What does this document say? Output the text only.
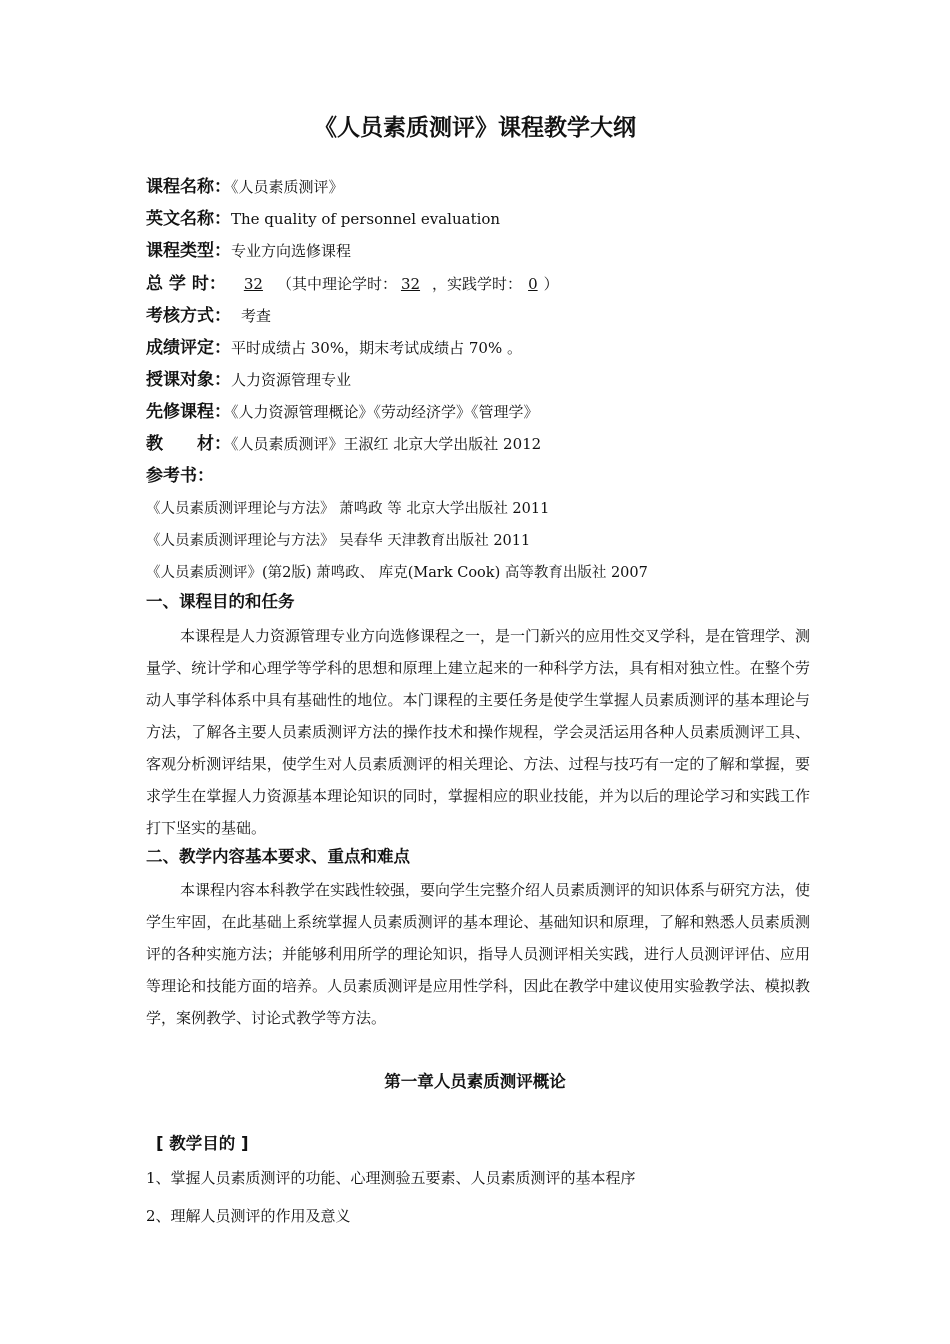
《人员素质测评》课程教学大纲
课程名称：《人员素质测评》
英文名称：The quality of personnel evaluation
课程类型：专业方向选修课程
总 学 时： 32 （其中理论学时： 32 ，实践学时： 0 ）
考核方式： 考查
成绩评定：平时成绩占 30%，期末考试成绩占 70% 。
授课对象：人力资源管理专业
先修课程：《人力资源管理概论》《劳动经济学》《管理学》
教　　材：《人员素质测评》王淑红 北京大学出版社 2012
参考书：
《人员素质测评理论与方法》 萧鸣政 等 北京大学出版社 2011
《人员素质测评理论与方法》 吴春华 天津教育出版社 2011
《人员素质测评》(第2版) 萧鸣政、 库克(Mark Cook) 高等教育出版社 2007
一、课程目的和任务
本课程是人力资源管理专业方向选修课程之一，是一门新兴的应用性交叉学科，是在管理学、测量学、统计学和心理学等学科的思想和原理上建立起来的一种科学方法，具有相对独立性。在整个劳动人事学科体系中具有基础性的地位。本门课程的主要任务是使学生掌握人员素质测评的基本理论与方法，了解各主要人员素质测评方法的操作技术和操作规程，学会灵活运用各种人员素质测评工具、客观分析测评结果，使学生对人员素质测评的相关理论、方法、过程与技巧有一定的了解和掌握，要求学生在掌握人力资源基本理论知识的同时，掌握相应的职业技能，并为以后的理论学习和实践工作打下坚实的基础。
二、教学内容基本要求、重点和难点
本课程内容本科教学在实践性较强，要向学生完整介绍人员素质测评的知识体系与研究方法，使学生牢固，在此基础上系统掌握人员素质测评的基本理论、基础知识和原理，了解和熟悉人员素质测评的各种实施方法；并能够利用所学的理论知识，指导人员测评相关实践，进行人员测评评估、应用等理论和技能方面的培养。人员素质测评是应用性学科，因此在教学中建议使用实验教学法、模拟教学，案例教学、讨论式教学等方法。
第一章人员素质测评概论
[ 教学目的 ]
1、掌握人员素质测评的功能、心理测验五要素、人员素质测评的基本程序
2、理解人员测评的作用及意义
